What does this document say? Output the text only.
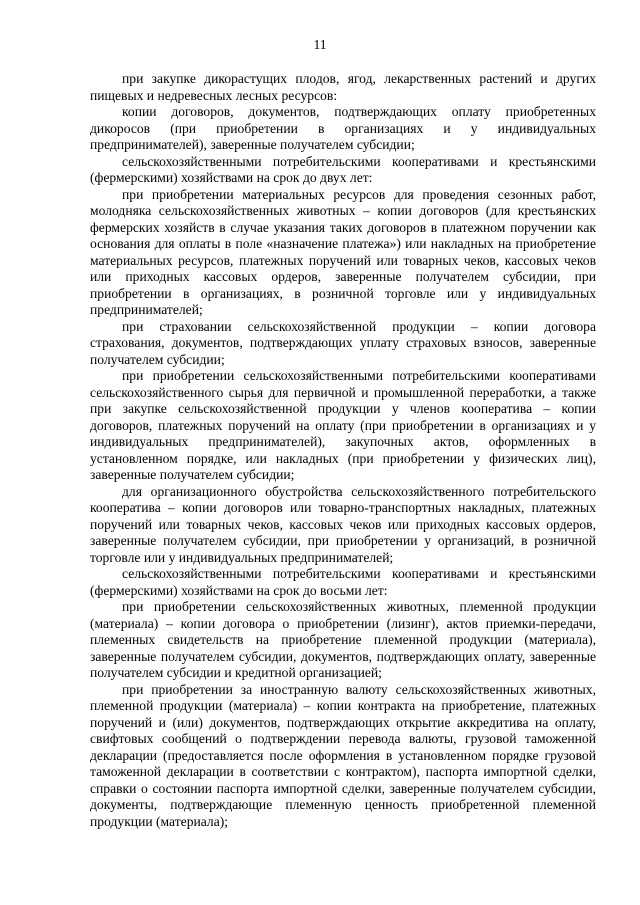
11

при закупке дикорастущих плодов, ягод, лекарственных растений и других пищевых и недревесных лесных ресурсов:

копии договоров, документов, подтверждающих оплату приобретенных дикоросов (при приобретении в организациях и у индивидуальных предпринимателей), заверенные получателем субсидии;

сельскохозяйственными потребительскими кооперативами и крестьянскими (фермерскими) хозяйствами на срок до двух лет:

при приобретении материальных ресурсов для проведения сезонных работ, молодняка сельскохозяйственных животных – копии договоров (для крестьянских фермерских хозяйств в случае указания таких договоров в платежном поручении как основания для оплаты в поле «назначение платежа») или накладных на приобретение материальных ресурсов, платежных поручений или товарных чеков, кассовых чеков или приходных кассовых ордеров, заверенные получателем субсидии, при приобретении в организациях, в розничной торговле или у индивидуальных предпринимателей;

при страховании сельскохозяйственной продукции – копии договора страхования, документов, подтверждающих уплату страховых взносов, заверенные получателем субсидии;

при приобретении сельскохозяйственными потребительскими кооперативами сельскохозяйственного сырья для первичной и промышленной переработки, а также при закупке сельскохозяйственной продукции у членов кооператива – копии договоров, платежных поручений на оплату (при приобретении в организациях и у индивидуальных предпринимателей), закупочных актов, оформленных в установленном порядке, или накладных (при приобретении у физических лиц), заверенные получателем субсидии;

для организационного обустройства сельскохозяйственного потребительского кооператива – копии договоров или товарно-транспортных накладных, платежных поручений или товарных чеков, кассовых чеков или приходных кассовых ордеров, заверенные получателем субсидии, при приобретении у организаций, в розничной торговле или у индивидуальных предпринимателей;

сельскохозяйственными потребительскими кооперативами и крестьянскими (фермерскими) хозяйствами на срок до восьми лет:

при приобретении сельскохозяйственных животных, племенной продукции (материала) – копии договора о приобретении (лизинг), актов приемки-передачи, племенных свидетельств на приобретение племенной продукции (материала), заверенные получателем субсидии, документов, подтверждающих оплату, заверенные получателем субсидии и кредитной организацией;

при приобретении за иностранную валюту сельскохозяйственных животных, племенной продукции (материала) – копии контракта на приобретение, платежных поручений и (или) документов, подтверждающих открытие аккредитива на оплату, свифтовых сообщений о подтверждении перевода валюты, грузовой таможенной декларации (предоставляется после оформления в установленном порядке грузовой таможенной декларации в соответствии с контрактом), паспорта импортной сделки, справки о состоянии паспорта импортной сделки, заверенные получателем субсидии, документы, подтверждающие племенную ценность приобретенной племенной продукции (материала);
